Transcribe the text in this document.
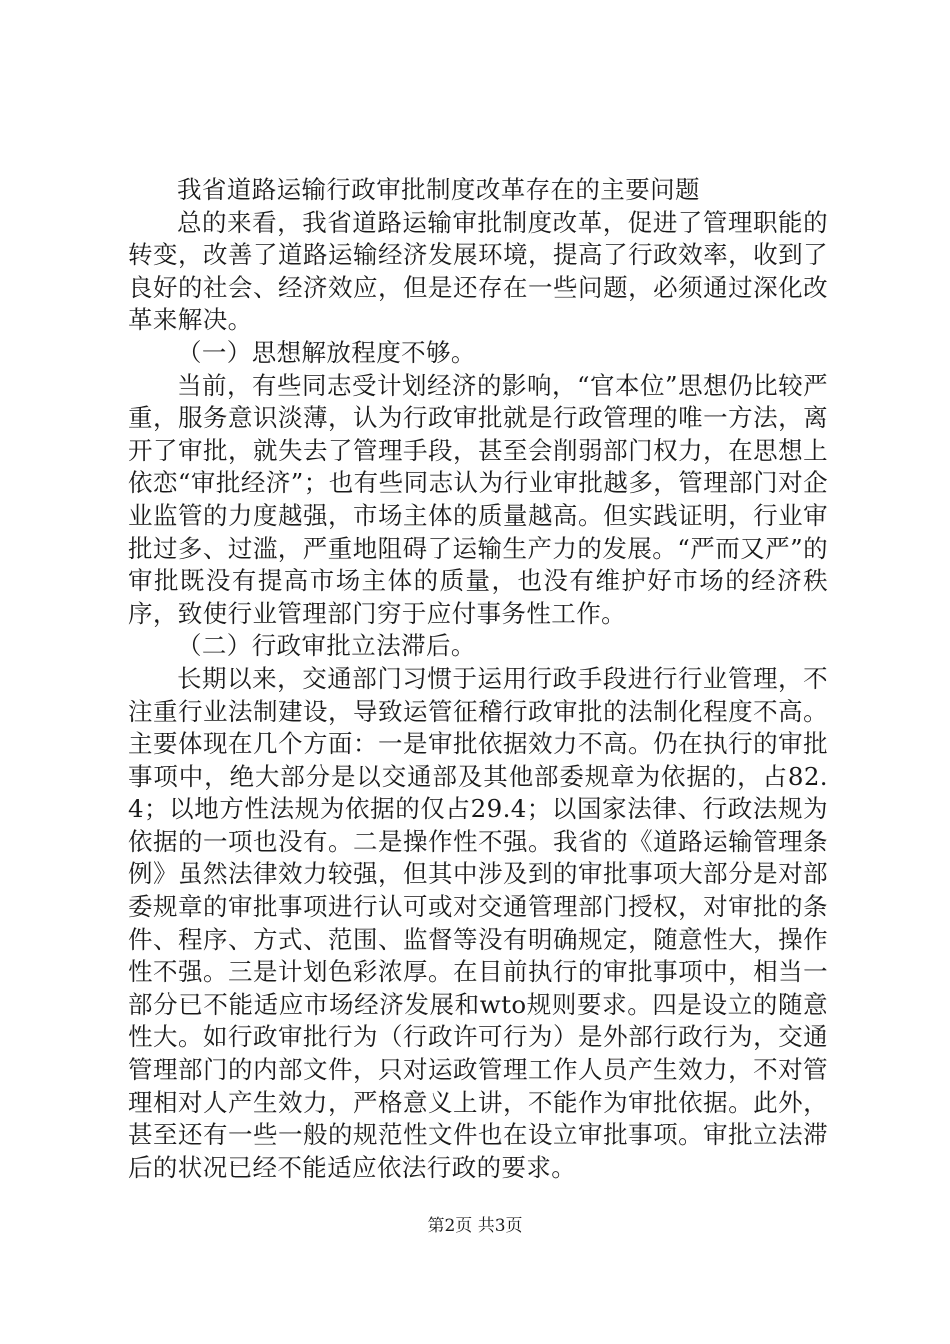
我省道路运输行政审批制度改革存在的主要问题

总的来看，我省道路运输审批制度改革，促进了管理职能的转变，改善了道路运输经济发展环境，提高了行政效率，收到了良好的社会、经济效应，但是还存在一些问题，必须通过深化改革来解决。

（一）思想解放程度不够。

当前，有些同志受计划经济的影响，“官本位”思想仍比较严重，服务意识淡薄，认为行政审批就是行政管理的唯一方法，离开了审批，就失去了管理手段，甚至会削弱部门权力，在思想上依恋“审批经济”；也有些同志认为行业审批越多，管理部门对企业监管的力度越强，市场主体的质量越高。但实践证明，行业审批过多、过滥，严重地阻碍了运输生产力的发展。“严而又严”的审批既没有提高市场主体的质量，也没有维护好市场的经济秩序，致使行业管理部门穷于应付事务性工作。

（二）行政审批立法滞后。

长期以来，交通部门习惯于运用行政手段进行行业管理，不注重行业法制建设，导致运管征稽行政审批的法制化程度不高。主要体现在几个方面：一是审批依据效力不高。仍在执行的审批事项中，绝大部分是以交通部及其他部委规章为依据的，占82.4；以地方性法规为依据的仅占29.4；以国家法律、行政法规为依据的一项也没有。二是操作性不强。我省的《道路运输管理条例》虽然法律效力较强，但其中涉及到的审批事项大部分是对部委规章的审批事项进行认可或对交通管理部门授权，对审批的条件、程序、方式、范围、监督等没有明确规定，随意性大，操作性不强。三是计划色彩浓厚。在目前执行的审批事项中，相当一部分已不能适应市场经济发展和wto规则要求。四是设立的随意性大。如行政审批行为（行政许可行为）是外部行政行为，交通管理部门的内部文件，只对运政管理工作人员产生效力，不对管理相对人产生效力，严格意义上讲，不能作为审批依据。此外，甚至还有一些一般的规范性文件也在设立审批事项。审批立法滞后的状况已经不能适应依法行政的要求。

第2页 共3页
